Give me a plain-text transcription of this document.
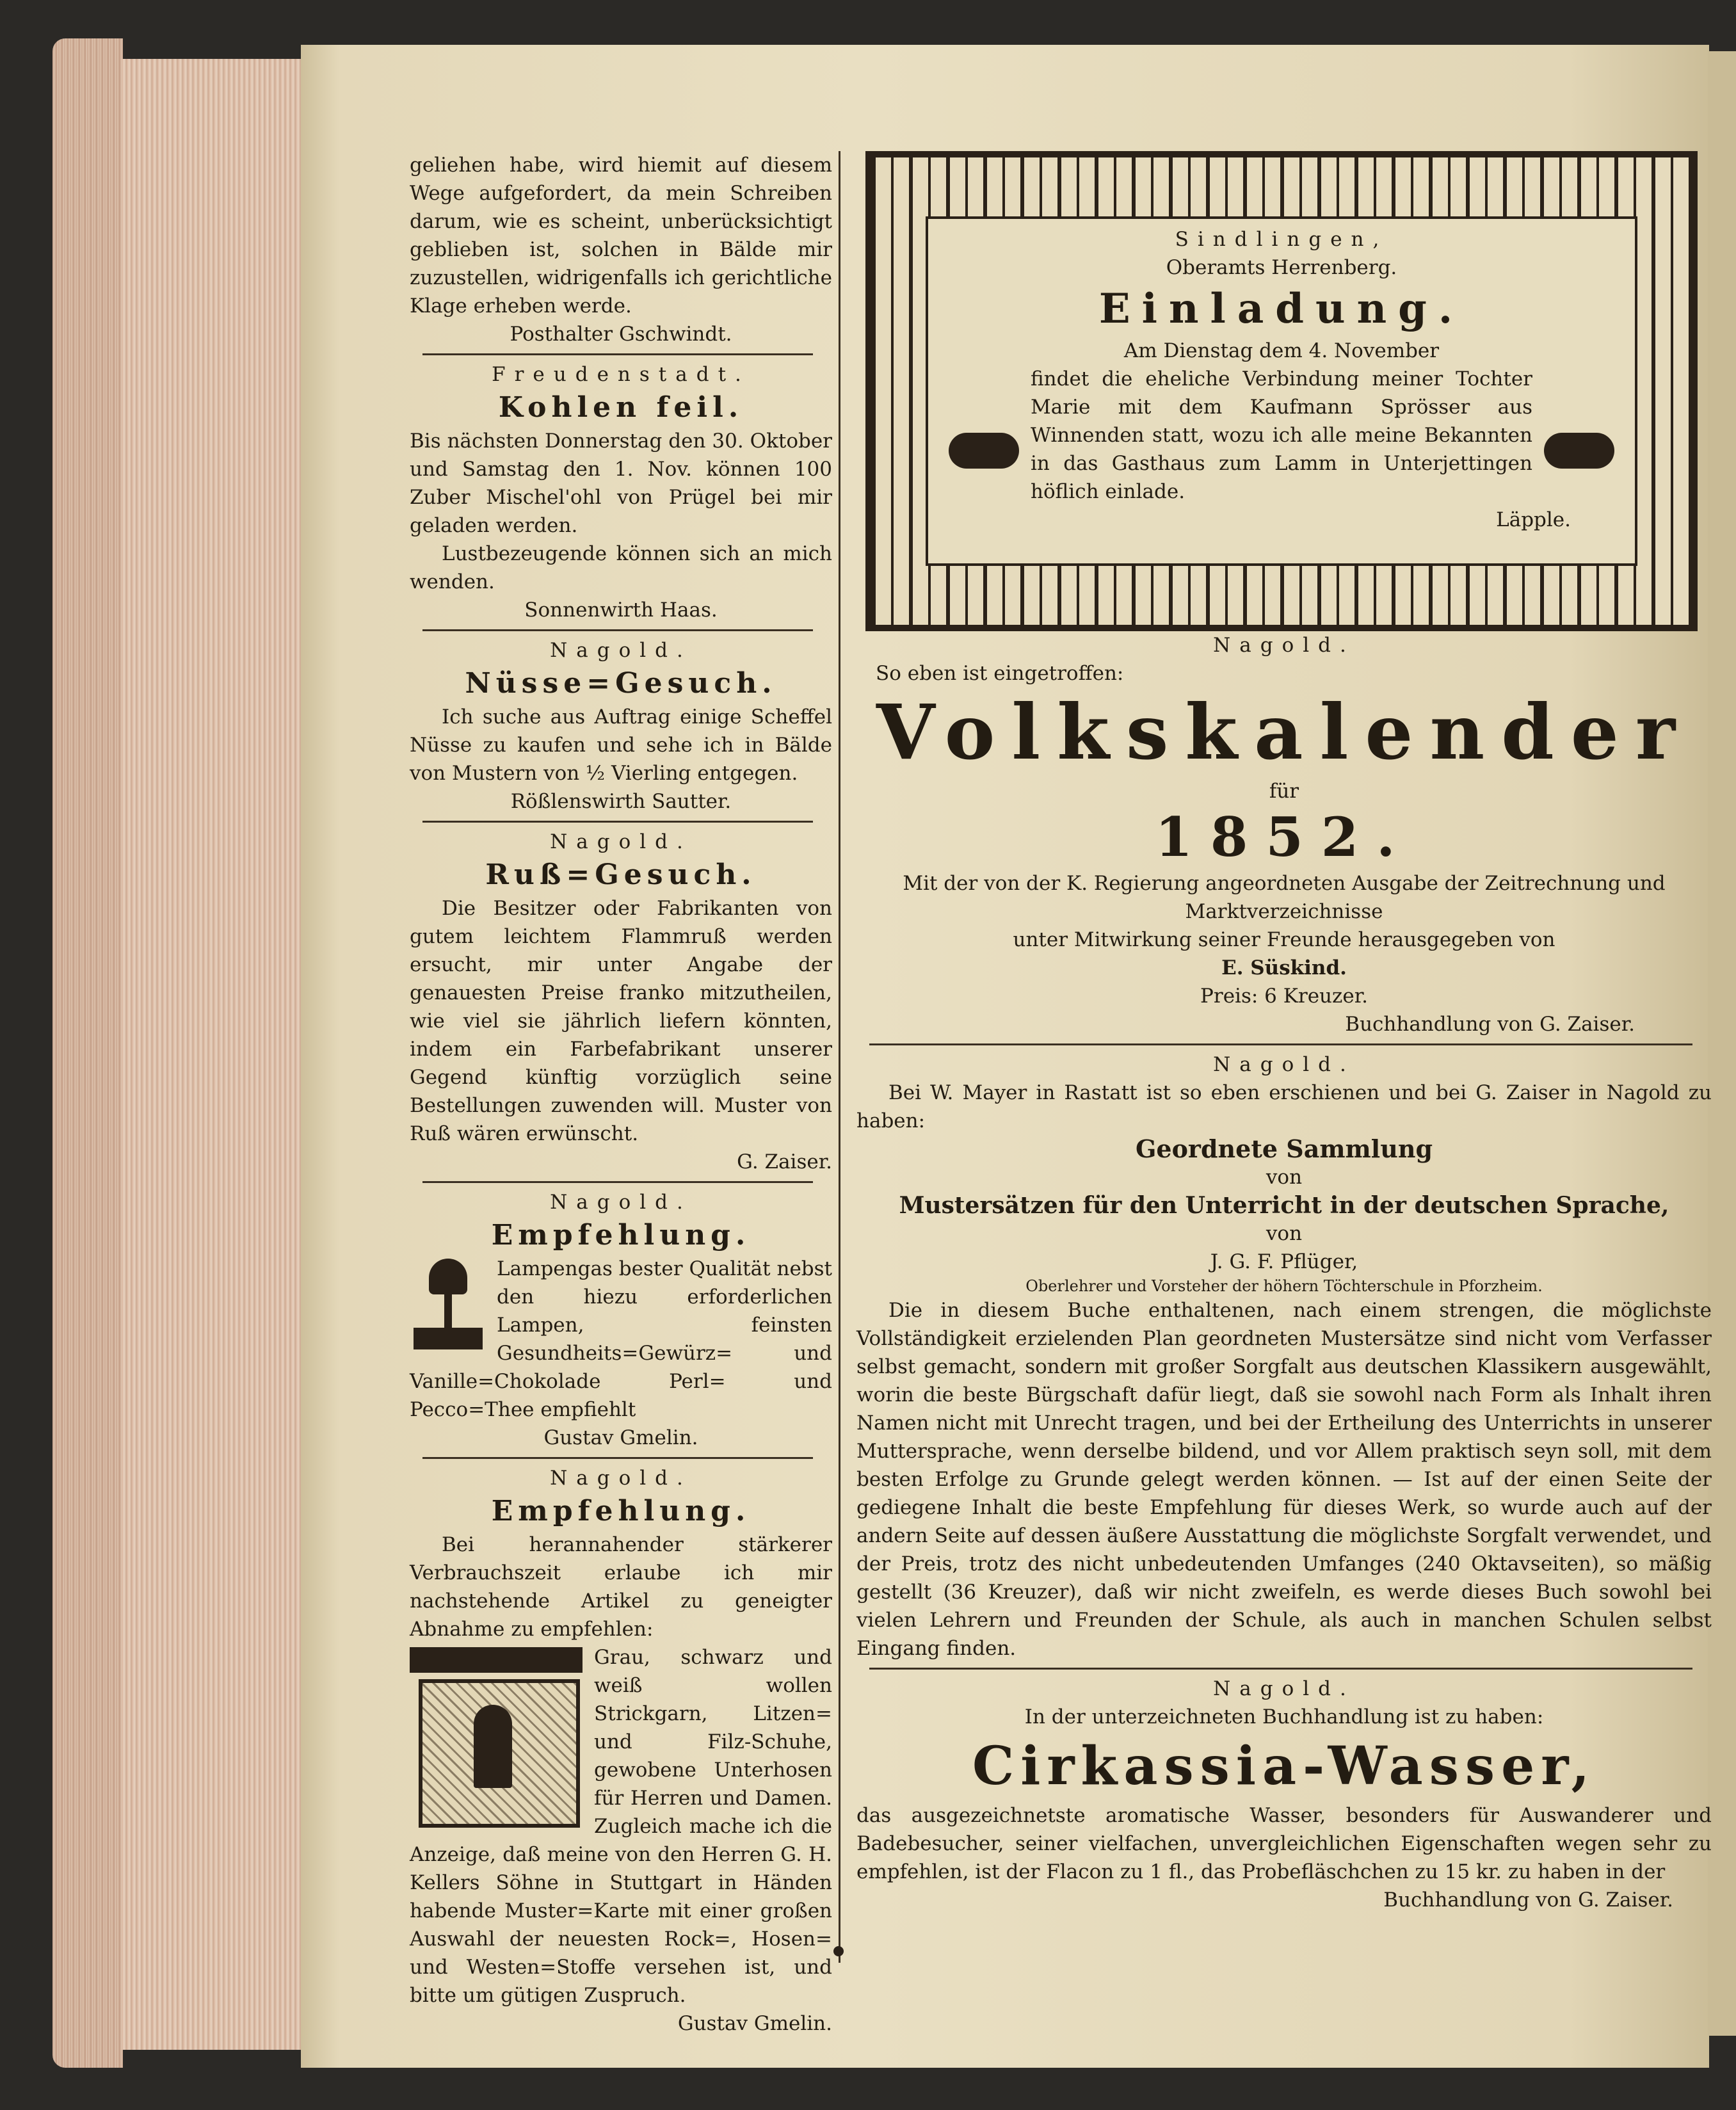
geliehen habe, wird hiemit auf diesem Wege aufgefordert, da mein Schreiben darum, wie es scheint, unberücksichtigt geblieben ist, solchen in Bälde mir zuzustellen, widrigenfalls ich gerichtliche Klage erheben werde.

Posthalter Gschwindt.

Freudenstadt.

Kohlen feil.

Bis nächsten Donnerstag den 30. Oktober und Samstag den 1. Nov. können 100 Zuber Mischel'ohl von Prügel bei mir geladen werden.

Lustbezeugende können sich an mich wenden.

Sonnenwirth Haas.

Nagold.

Nüsse=Gesuch.

Ich suche aus Auftrag einige Scheffel Nüsse zu kaufen und sehe ich in Bälde von Mustern von ½ Vierling entgegen.

Rößlenswirth Sautter.

Nagold.

Ruß=Gesuch.

Die Besitzer oder Fabrikanten von gutem leichtem Flammruß werden ersucht, mir unter Angabe der genauesten Preise franko mitzutheilen, wie viel sie jährlich liefern könnten, indem ein Farbefabrikant unserer Gegend künftig vorzüglich seine Bestellungen zuwenden will. Muster von Ruß wären erwünscht.

G. Zaiser.

Nagold.

Empfehlung.

Lampengas bester Qualität nebst den hiezu erforderlichen Lampen, feinsten Gesundheits=Gewürz= und Vanille=Chokolade Perl= und Pecco=Thee empfiehlt

Gustav Gmelin.

Nagold.

Empfehlung.

Bei herannahender stärkerer Verbrauchszeit erlaube ich mir nachstehende Artikel zu geneigter Abnahme zu empfehlen:

Grau, schwarz und weiß wollen Strickgarn, Litzen= und Filz-Schuhe, gewobene Unterhosen für Herren und Damen. Zugleich mache ich die Anzeige, daß meine von den Herren G. H. Kellers Söhne in Stuttgart in Händen habende Muster=Karte mit einer großen Auswahl der neuesten Rock=, Hosen= und Westen=Stoffe versehen ist, und bitte um gütigen Zuspruch.

Gustav Gmelin.

Sindlingen,

Oberamts Herrenberg.

Einladung.

Am Dienstag dem 4. November

findet die eheliche Verbindung meiner Tochter Marie mit dem Kaufmann Sprösser aus Winnenden statt, wozu ich alle meine Bekannten in das Gasthaus zum Lamm in Unterjettingen höflich einlade.

Läpple.

Nagold.

So eben ist eingetroffen:

Volkskalender

für

1852.

Mit der von der K. Regierung angeordneten Ausgabe der Zeitrechnung und Marktverzeichnisse

unter Mitwirkung seiner Freunde herausgegeben von

E. Süskind.

Preis: 6 Kreuzer.

Buchhandlung von G. Zaiser.

Nagold.

Bei W. Mayer in Rastatt ist so eben erschienen und bei G. Zaiser in Nagold zu haben:

Geordnete Sammlung

von

Mustersätzen für den Unterricht in der deutschen Sprache,

von

J. G. F. Pflüger,

Oberlehrer und Vorsteher der höhern Töchterschule in Pforzheim.

Die in diesem Buche enthaltenen, nach einem strengen, die möglichste Vollständigkeit erzielenden Plan geordneten Mustersätze sind nicht vom Verfasser selbst gemacht, sondern mit großer Sorgfalt aus deutschen Klassikern ausgewählt, worin die beste Bürgschaft dafür liegt, daß sie sowohl nach Form als Inhalt ihren Namen nicht mit Unrecht tragen, und bei der Ertheilung des Unterrichts in unserer Muttersprache, wenn derselbe bildend, und vor Allem praktisch seyn soll, mit dem besten Erfolge zu Grunde gelegt werden können. — Ist auf der einen Seite der gediegene Inhalt die beste Empfehlung für dieses Werk, so wurde auch auf der andern Seite auf dessen äußere Ausstattung die möglichste Sorgfalt verwendet, und der Preis, trotz des nicht unbedeutenden Umfanges (240 Oktavseiten), so mäßig gestellt (36 Kreuzer), daß wir nicht zweifeln, es werde dieses Buch sowohl bei vielen Lehrern und Freunden der Schule, als auch in manchen Schulen selbst Eingang finden.

Nagold.

In der unterzeichneten Buchhandlung ist zu haben:

Cirkassia-Wasser,

das ausgezeichnetste aromatische Wasser, besonders für Auswanderer und Badebesucher, seiner vielfachen, unvergleichlichen Eigenschaften wegen sehr zu empfehlen, ist der Flacon zu 1 fl., das Probefläschchen zu 15 kr. zu haben in der

Buchhandlung von G. Zaiser.
